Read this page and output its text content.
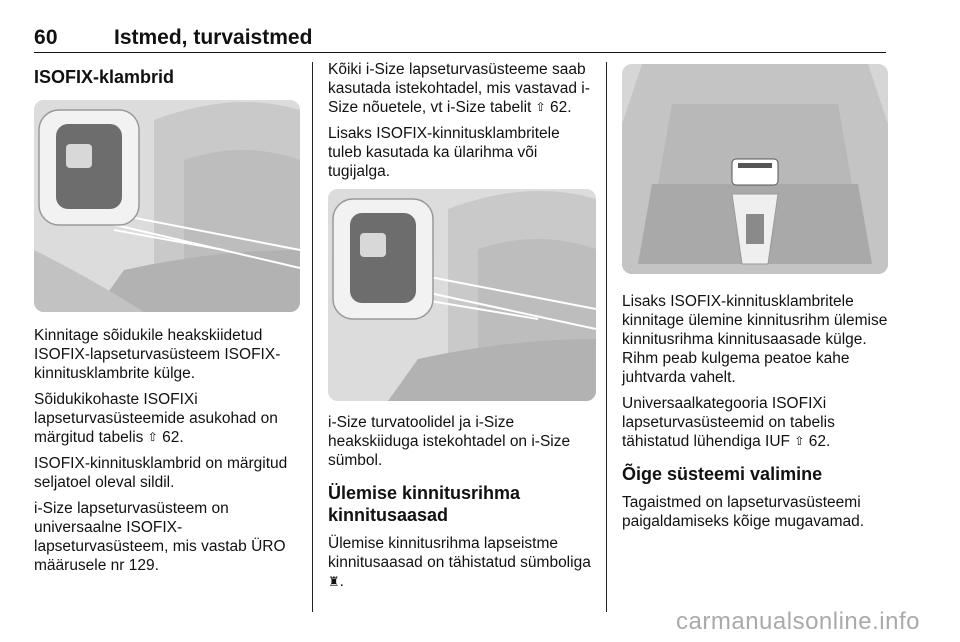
60	Istmed, turvaistmed
ISOFIX-klambrid

Kinnitage sõidukile heakskiidetud ISOFIX-lapseturvasüsteem ISOFIX-kinnitusklambrite külge.

Sõidukikohaste ISOFIXi lapseturvasüsteemide asukohad on märgitud tabelis ⇧ 62.

ISOFIX-kinnitusklambrid on märgitud seljatoel oleval sildil.

i-Size lapseturvasüsteem on universaalne ISOFIX-lapseturvasüsteem, mis vastab ÜRO määrusele nr 129.

Kõiki i-Size lapseturvasüsteeme saab kasutada istekohtadel, mis vastavad i-Size nõuetele, vt i-Size tabelit ⇧ 62.

Lisaks ISOFIX-kinnitusklambritele tuleb kasutada ka ülarihma või tugijalga.

i-Size turvatoolidel ja i-Size heakskiiduga istekohtadel on i-Size sümbol.

Ülemise kinnitusrihma kinnitusaasad

Ülemise kinnitusrihma lapseistme kinnitusaasad on tähistatud sümboliga ♜.

Lisaks ISOFIX-kinnitusklambritele kinnitage ülemine kinnitusrihm ülemise kinnitusrihma kinnitusaasade külge. Rihm peab kulgema peatoe kahe juhtvarda vahelt.

Universaalkategooria ISOFIXi lapseturvasüsteemid on tabelis tähistatud lühendiga IUF ⇧ 62.

Õige süsteemi valimine

Tagaistmed on lapseturvasüsteemi paigaldamiseks kõige mugavamad.

carmanualsonline.info
